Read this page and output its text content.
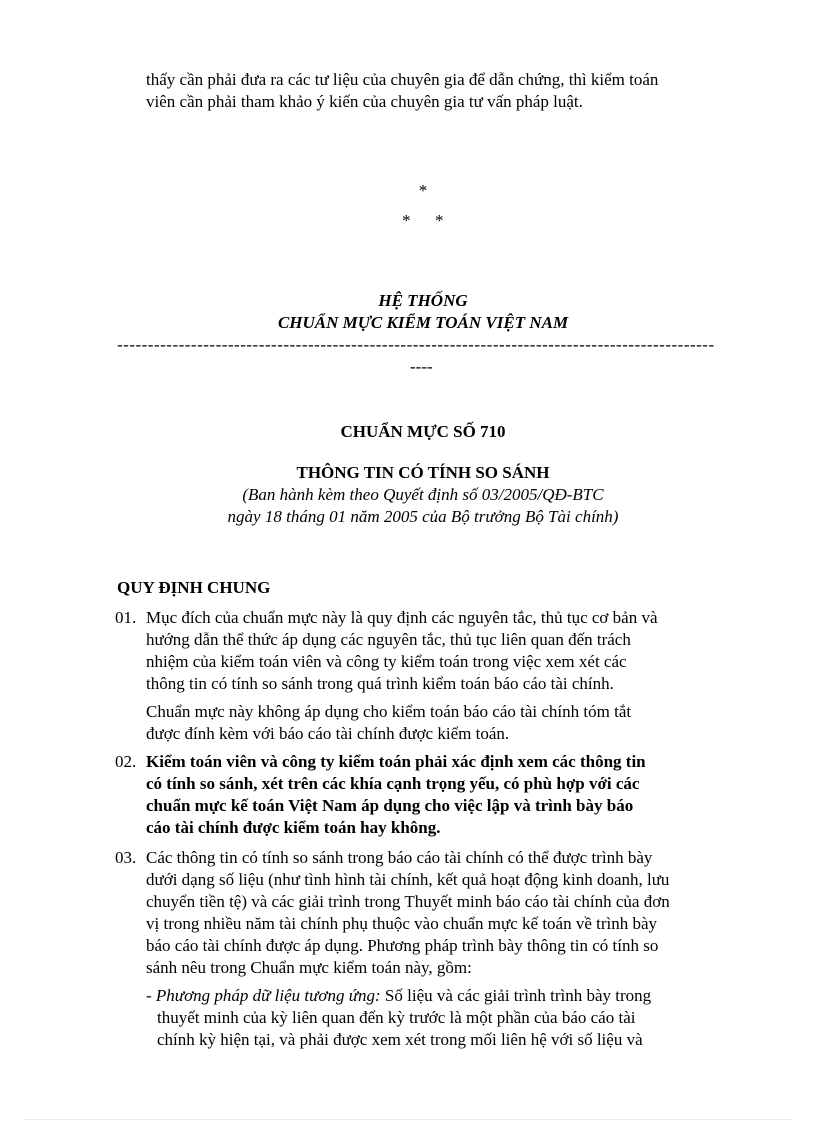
thấy cần phải đưa ra các tư liệu của chuyên gia để dẫn chứng, thì kiểm toán
viên cần phải tham khảo ý kiến của chuyên gia tư vấn pháp luật.
*
* *
HỆ THỐNG
CHUẨN MỰC KIỂM TOÁN VIỆT NAM
-------------------------------------------------------------------------------------------------
----
CHUẨN MỰC SỐ 710
THÔNG TIN CÓ TÍNH SO SÁNH
(Ban hành kèm theo Quyết định số 03/2005/QĐ-BTC
ngày 18 tháng 01 năm 2005 của Bộ trưởng Bộ Tài chính)
QUY ĐỊNH CHUNG
01. Mục đích của chuẩn mực này là quy định các nguyên tắc, thủ tục cơ bản và
hướng dẫn thể thức áp dụng các nguyên tắc, thủ tục liên quan đến trách
nhiệm của kiểm toán viên và công ty kiểm toán trong việc xem xét các
thông tin có tính so sánh trong quá trình kiểm toán báo cáo tài chính.
Chuẩn mực này không áp dụng cho kiểm toán báo cáo tài chính tóm tắt
được đính kèm với báo cáo tài chính được kiểm toán.
02. Kiểm toán viên và công ty kiểm toán phải xác định xem các thông tin
có tính so sánh, xét trên các khía cạnh trọng yếu, có phù hợp với các
chuẩn mực kế toán Việt Nam áp dụng cho việc lập và trình bày báo
cáo tài chính được kiểm toán hay không.
03. Các thông tin có tính so sánh trong báo cáo tài chính có thể được trình bày
dưới dạng số liệu (như tình hình tài chính, kết quả hoạt động kinh doanh, lưu
chuyển tiền tệ) và các giải trình trong Thuyết minh báo cáo tài chính của đơn
vị trong nhiều năm tài chính phụ thuộc vào chuẩn mực kế toán về trình bày
báo cáo tài chính được áp dụng. Phương pháp trình bày thông tin có tính so
sánh nêu trong Chuẩn mực kiểm toán này, gồm:
- Phương pháp dữ liệu tương ứng: Số liệu và các giải trình trình bày trong
thuyết minh của kỳ liên quan đến kỳ trước là một phần của báo cáo tài
chính kỳ hiện tại, và phải được xem xét trong mối liên hệ với số liệu và
